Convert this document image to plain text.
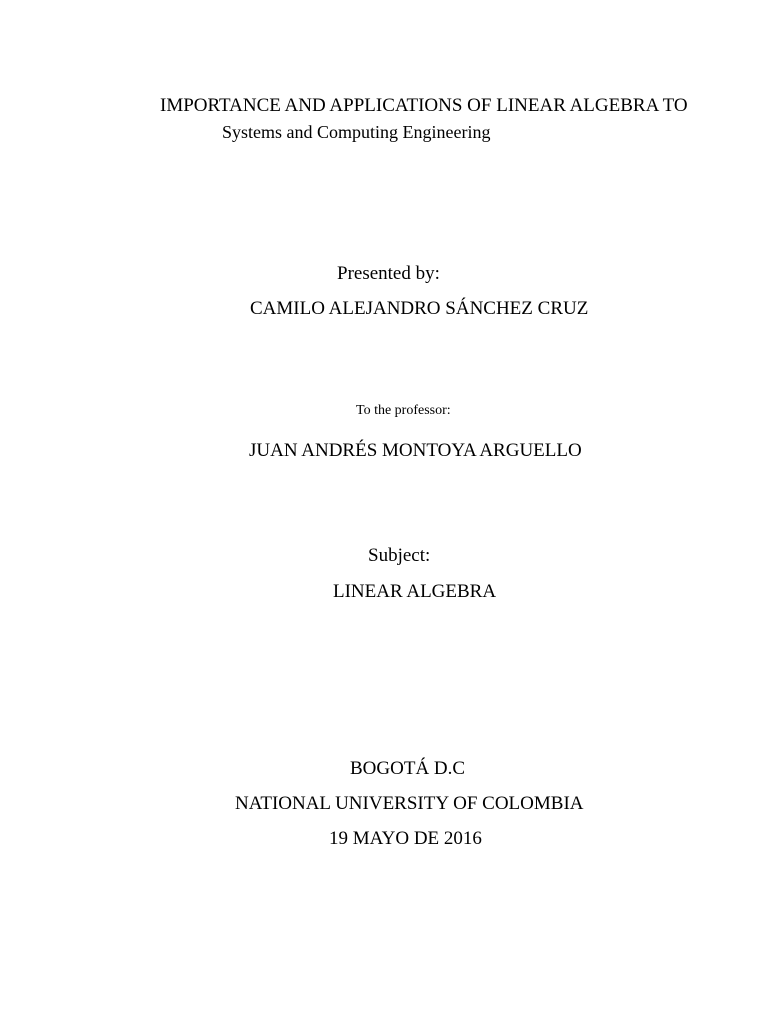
IMPORTANCE AND APPLICATIONS OF LINEAR ALGEBRA TO

Systems and Computing Engineering

Presented by:

CAMILO ALEJANDRO SÁNCHEZ CRUZ

To the professor:

JUAN ANDRÉS MONTOYA ARGUELLO

Subject:

LINEAR ALGEBRA

BOGOTÁ D.C

NATIONAL UNIVERSITY OF COLOMBIA

19 MAYO DE 2016
